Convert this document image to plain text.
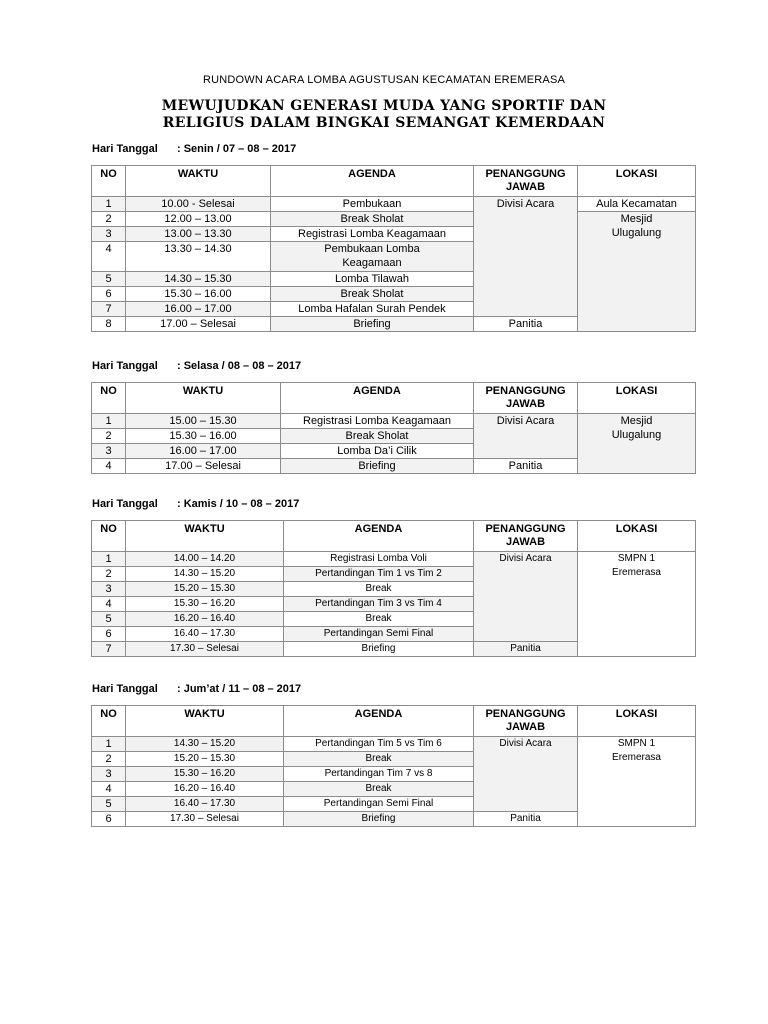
RUNDOWN ACARA LOMBA AGUSTUSAN KECAMATAN EREMERASA
MEWUJUDKAN GENERASI MUDA YANG SPORTIF DAN
RELIGIUS DALAM BINGKAI SEMANGAT KEMERDAAN
Hari Tanggal : Senin / 07 – 08 – 2017
NO	WAKTU	AGENDA	PENANGGUNG
JAWAB	LOKASI
1	10.00 - Selesai	Pembukaan	Divisi Acara	Aula Kecamatan
2	12.00 – 13.00	Break Sholat		Mesjid
Ulugalung
3	13.00 – 13.30	Registrasi Lomba Keagamaan		
4	13.30 – 14.30	Pembukaan Lomba
Keagamaan		
5	14.30 – 15.30	Lomba Tilawah		
6	15.30 – 16.00	Break Sholat		
7	16.00 – 17.00	Lomba Hafalan Surah Pendek		
8	17.00 – Selesai	Briefing	Panitia	
Hari Tanggal : Selasa / 08 – 08 – 2017
NO	WAKTU	AGENDA	PENANGGUNG
JAWAB	LOKASI
1	15.00 – 15.30	Registrasi Lomba Keagamaan	Divisi Acara	Mesjid
Ulugalung
2	15.30 – 16.00	Break Sholat		
3	16.00 – 17.00	Lomba Da’i Cilik		
4	17.00 – Selesai	Briefing	Panitia	
Hari Tanggal : Kamis / 10 – 08 – 2017
NO	WAKTU	AGENDA	PENANGGUNG
JAWAB	LOKASI
1	14.00 – 14.20	Registrasi Lomba Voli	Divisi Acara	SMPN 1
Eremerasa
2	14.30 – 15.20	Pertandingan Tim 1 vs Tim 2		
3	15.20 – 15.30	Break		
4	15.30 – 16.20	Pertandingan Tim 3 vs Tim 4		
5	16.20 – 16.40	Break		
6	16.40 – 17.30	Pertandingan Semi Final		
7	17.30 – Selesai	Briefing	Panitia	
Hari Tanggal : Jum’at / 11 – 08 – 2017
NO	WAKTU	AGENDA	PENANGGUNG
JAWAB	LOKASI
1	14.30 – 15.20	Pertandingan Tim 5 vs Tim 6	Divisi Acara	SMPN 1
Eremerasa
2	15.20 – 15.30	Break		
3	15.30 – 16.20	Pertandingan Tim 7 vs 8		
4	16.20 – 16.40	Break		
5	16.40 – 17.30	Pertandingan Semi Final		
6	17.30 – Selesai	Briefing	Panitia	
